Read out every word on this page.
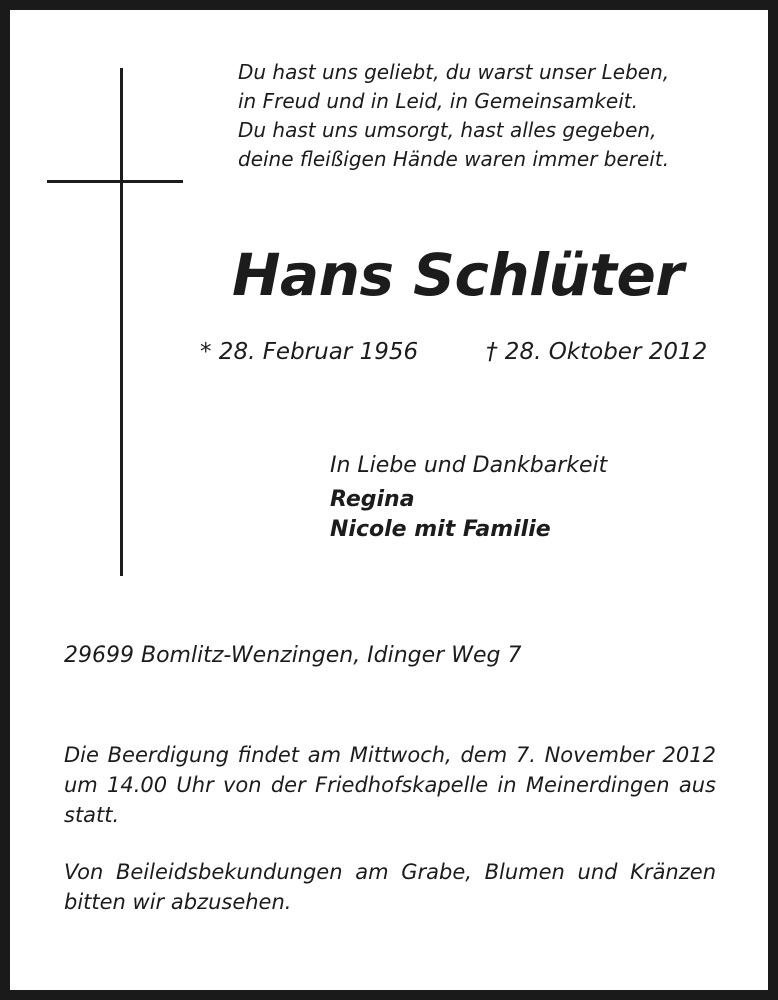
Du hast uns geliebt, du warst unser Leben,
in Freud und in Leid, in Gemeinsamkeit.
Du hast uns umsorgt, hast alles gegeben,
deine fleißigen Hände waren immer bereit.
Hans Schlüter
* 28. Februar 1956	† 28. Oktober 2012
In Liebe und Dankbarkeit
Regina
Nicole mit Familie
29699 Bomlitz-Wenzingen, Idinger Weg 7
Die Beerdigung findet am Mittwoch, dem 7. November 2012 um 14.00 Uhr von der Friedhofskapelle in Meinerdingen aus statt.
Von Beileidsbekundungen am Grabe, Blumen und Kränzen bitten wir abzusehen.
